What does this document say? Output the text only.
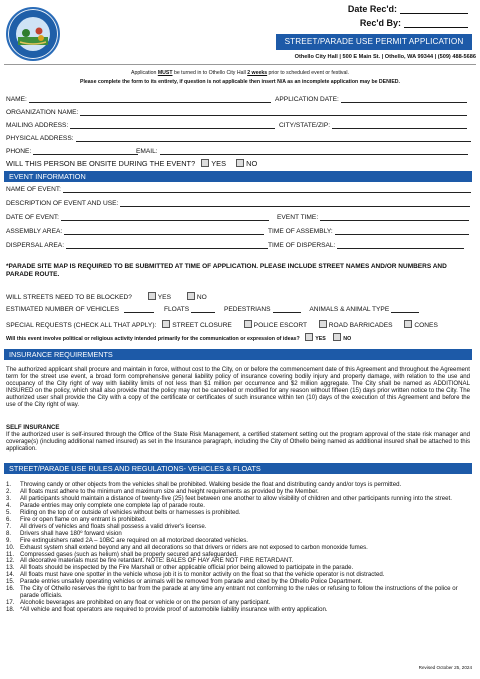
Date Rec'd:
Rec'd By:
STREET/PARADE USE PERMIT APPLICATION
Othello City Hall | 500 E Main St. | Othello, WA 99344 | (509) 488-5686
Application MUST be turned in to Othello City Hall 2 weeks prior to scheduled event or festival.
Please complete the form to its entirety, if question is not applicable then insert N/A as an incomplete application may be DENIED.
NAME:	APPLICATION DATE:
ORGANIZATION NAME:
MAILING ADDRESS:	CITY/STATE/ZIP:
PHYSICAL ADDRESS:
PHONE:	EMAIL:
WILL THIS PERSON BE ONSITE DURING THE EVENT? YES	NO
EVENT INFORMATION
NAME OF EVENT:
DESCRIPTION OF EVENT AND USE:
DATE OF EVENT:	EVENT TIME:
ASSEMBLY AREA:	TIME OF ASSEMBLY:
DISPERSAL AREA:	TIME OF DISPERSAL:
*PARADE SITE MAP IS REQUIRED TO BE SUBMITTED AT TIME OF APPLICATION. PLEASE INCLUDE STREET NAMES AND/OR NUMBERS AND PARADE ROUTE.
WILL STREETS NEED TO BE BLOCKED?	YES	NO
ESTIMATED NUMBER OF VEHICLES	FLOATS	PEDESTRIANS	ANIMALS & ANIMAL TYPE
SPECIAL REQUESTS (CHECK ALL THAT APPLY): STREET CLOSURE	POLICE ESCORT	ROAD BARRICADES	CONES
Will this event involve political or religious activity intended primarily for the communication or expression of ideas?	YES	NO
INSURANCE REQUIREMENTS
The authorized applicant shall procure and maintain in force, without cost to the City, on or before the commencement date of this Agreement and throughout the Agreement term for the street use event, a broad form comprehensive general liability policy of insurance covering bodily injury and property damage, with relation to the use and occupancy of the City right of way with liability limits of not less than $1 million per occurrence and $2 million aggregate. The City shall be named as ADDITIONAL INSURED on the policy, which shall also provide that the policy may not be cancelled or modified for any reason without fifteen (15) days prior written notice to the City. The authorized user shall provide the City with a copy of the certificate or certificates of such insurance within ten (10) days of the execution of this Agreement and before the use of the City right of way.
SELF INSURANCE
If the authorized user is self-insured through the Office of the State Risk Management, a certified statement setting out the program approval of the state risk manager and coverage(s) (including additional named insured) as set in the Insurance paragraph, including the City of Othello being named as additional insured shall be attached to this application.
STREET/PARADE USE RULES AND REGULATIONS- VEHICLES & FLOATS
1. Throwing candy or other objects from the vehicles shall be prohibited. Walking beside the float and distributing candy and/or toys is permitted.
2. All floats must adhere to the minimum and maximum size and height requirements as provided by the Member.
3. All participants should maintain a distance of twenty-five (25) feet between one another to allow visibility of children and other participants running into the street.
4. Parade entries may only complete one complete lap of parade route.
5. Riding on the top of or outside of vehicles without belts or harnesses is prohibited.
6. Fire or open flame on any entrant is prohibited.
7. All drivers of vehicles and floats shall possess a valid driver's license.
8. Drivers shall have 180º forward vision
9. Fire extinguishers rated 2A – 10BC are required on all motorized decorated vehicles.
10. Exhaust system shall extend beyond any and all decorations so that drivers or riders are not exposed to carbon monoxide fumes.
11. Compressed gases (such as helium) shall be properly secured and safeguarded.
12. All decorative materials must be fire retardant. NOTE: BALES OF HAY ARE NOT FIRE RETARDANT.
13. All floats should be inspected by the Fire Marshall or other applicable official prior being allowed to participate in the parade.
14. All floats must have one spotter in the vehicle whose job it is to monitor activity on the float so that the vehicle operator is not distracted.
15. Parade entries unsafely operating vehicles or animals will be removed from parade and cited by the Othello Police Department.
16. The City of Othello reserves the right to bar from the parade at any time any entrant not conforming to the rules or refusing to follow the instructions of the police or parade officials.
17. Alcoholic beverages are prohibited on any float or vehicle or on the person of any participant.
18. *All vehicle and float operators are required to provide proof of automobile liability insurance with entry application.
Revised October 25, 2024
